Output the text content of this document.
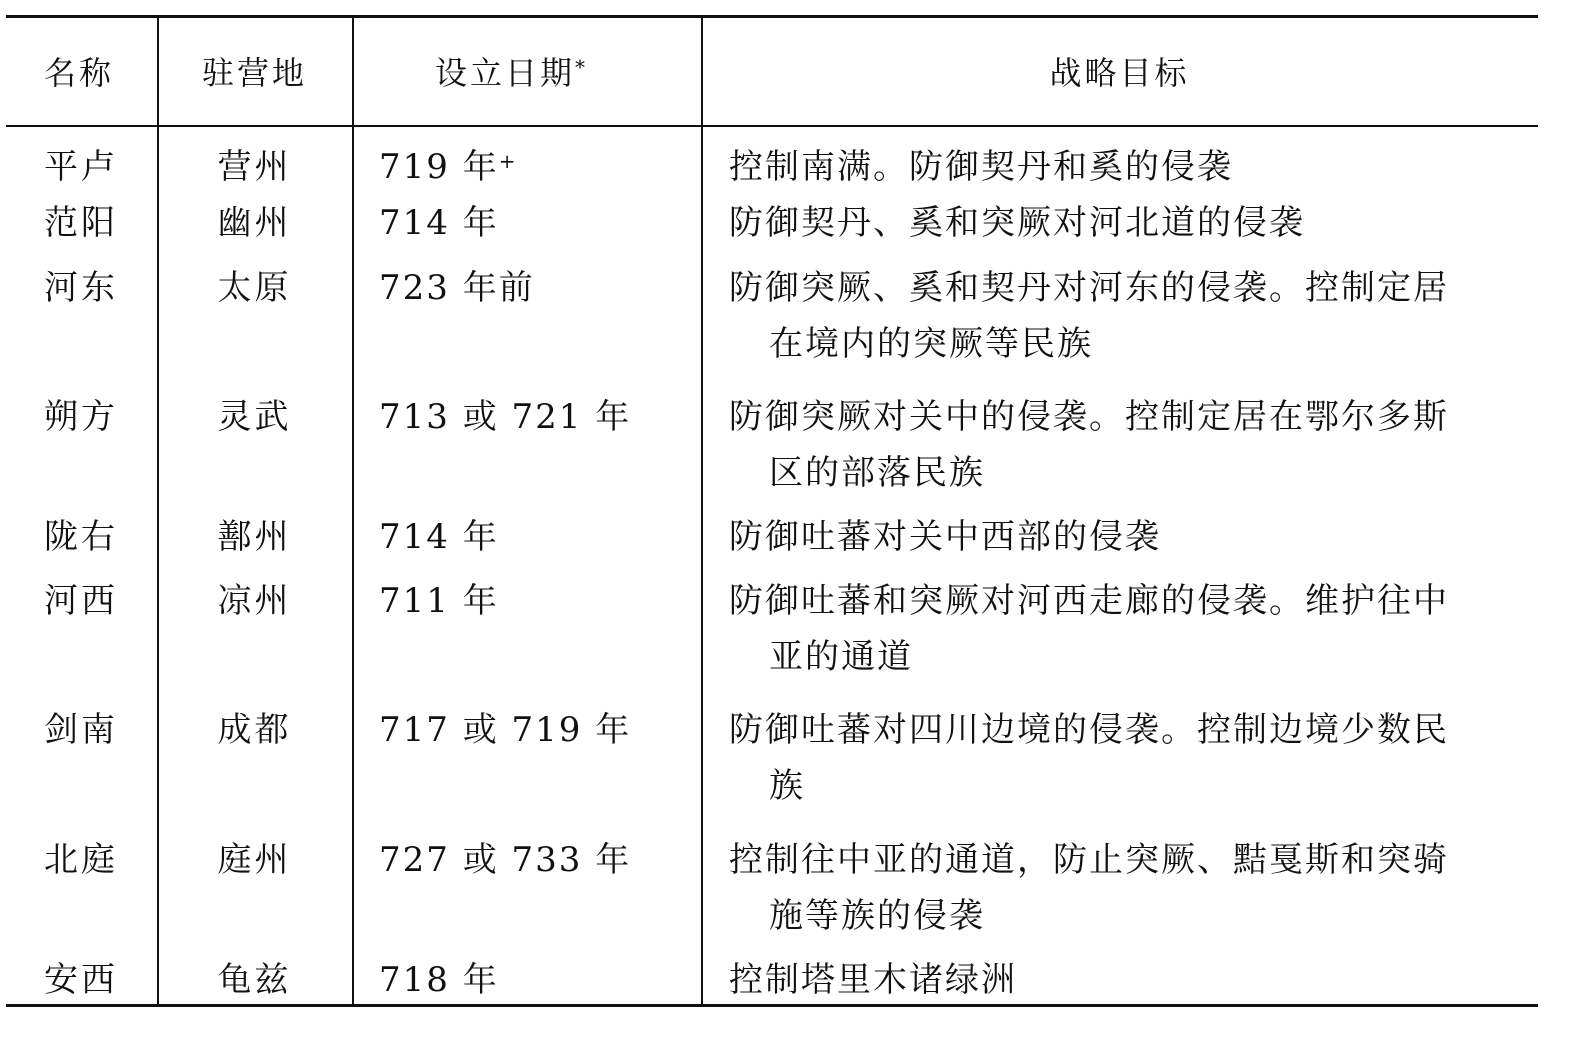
名称	驻营地	设立日期*	战略目标
平卢	营州	719 年+	控制南满。防御契丹和奚的侵袭
范阳	幽州	714 年	防御契丹、奚和突厥对河北道的侵袭
河东	太原	723 年前	防御突厥、奚和契丹对河东的侵袭。控制定居
在境内的突厥等民族
朔方	灵武	713 或 721 年	防御突厥对关中的侵袭。控制定居在鄂尔多斯
区的部落民族
陇右	鄯州	714 年	防御吐蕃对关中西部的侵袭
河西	凉州	711 年	防御吐蕃和突厥对河西走廊的侵袭。维护往中
亚的通道
剑南	成都	717 或 719 年	防御吐蕃对四川边境的侵袭。控制边境少数民
族
北庭	庭州	727 或 733 年	控制往中亚的通道，防止突厥、黠戛斯和突骑
施等族的侵袭
安西	龟兹	718 年	控制塔里木诸绿洲
